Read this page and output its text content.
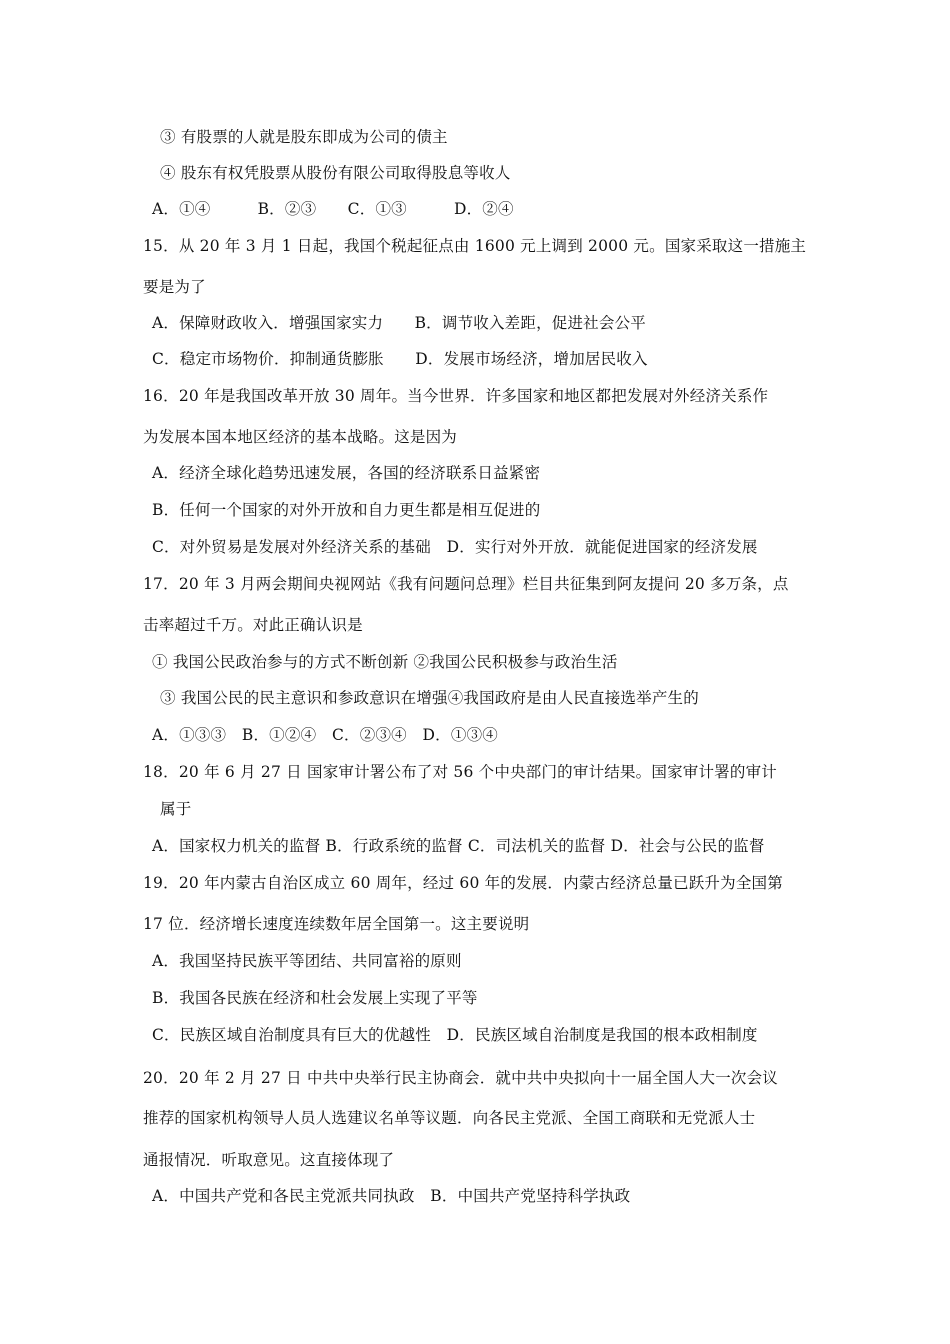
③ 有股票的人就是股东即成为公司的债主
④ 股东有权凭股票从股份有限公司取得股息等收人
A．①④　　　B．②③　　C．①③　　　D．②④
15．从 20 年 3 月 1 日起，我国个税起征点由 1600 元上调到 2000 元。国家采取这一措施主
要是为了
A．保障财政收入．增强国家实力　　B．调节收入差距，促进社会公平
C．稳定市场物价．抑制通货膨胀　　D．发展市场经济，增加居民收入
16．20 年是我国改革开放 30 周年。当今世界．许多国家和地区都把发展对外经济关系作
为发展本国本地区经济的基本战略。这是因为
A．经济全球化趋势迅速发展，各国的经济联系日益紧密
B．任何一个国家的对外开放和自力更生都是相互促进的
C．对外贸易是发展对外经济关系的基础　D．实行对外开放．就能促进国家的经济发展
17．20 年 3 月两会期间央视网站《我有问题问总理》栏目共征集到阿友提问 20 多万条，点
击率超过千万。对此正确认识是
① 我国公民政治参与的方式不断创新 ②我国公民积极参与政治生活
③ 我国公民的民主意识和参政意识在增强④我国政府是由人民直接选举产生的
A．①③③　B．①②④　C．②③④　D．①③④
18．20 年 6 月 27 日 国家审计署公布了对 56 个中央部门的审计结果。国家审计署的审计
属于
A．国家权力机关的监督 B．行政系统的监督 C．司法机关的监督 D．社会与公民的监督
19．20 年内蒙古自治区成立 60 周年，经过 60 年的发展．内蒙古经济总量已跃升为全国第
17 位．经济增长速度连续数年居全国第一。这主要说明
A．我国坚持民族平等团结、共同富裕的原则
B．我国各民族在经济和杜会发展上实现了平等
C．民族区域自治制度具有巨大的优越性　D．民族区域自治制度是我国的根本政相制度
20．20 年 2 月 27 日 中共中央举行民主协商会．就中共中央拟向十一届全国人大一次会议
推荐的国家机构领导人员人选建议名单等议题．向各民主党派、全国工商联和无党派人士
通报情况．听取意见。这直接体现了
A．中国共产党和各民主党派共同执政　B．中国共产党坚持科学执政
